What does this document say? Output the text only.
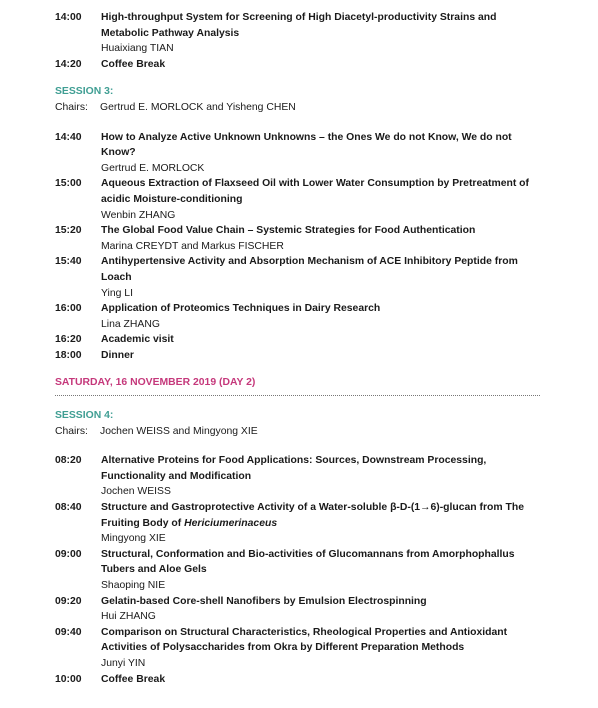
14:00	High-throughput System for Screening of High Diacetyl-productivity Strains and Metabolic Pathway Analysis
Huaixiang TIAN
14:20	Coffee Break
SESSION 3:
Chairs: Gertrud E. MORLOCK and Yisheng CHEN
14:40	How to Analyze Active Unknown Unknowns – the Ones We do not Know, We do not Know?
Gertrud E. MORLOCK
15:00	Aqueous Extraction of Flaxseed Oil with Lower Water Consumption by Pretreatment of acidic Moisture-conditioning
Wenbin ZHANG
15:20	The Global Food Value Chain – Systemic Strategies for Food Authentication
Marina CREYDT and Markus FISCHER
15:40	Antihypertensive Activity and Absorption Mechanism of ACE Inhibitory Peptide from Loach
Ying LI
16:00	Application of Proteomics Techniques in Dairy Research
Lina ZHANG
16:20	Academic visit
18:00	Dinner
SATURDAY, 16 NOVEMBER 2019 (DAY 2)
SESSION 4:
Chairs: Jochen WEISS and Mingyong XIE
08:20	Alternative Proteins for Food Applications: Sources, Downstream Processing, Functionality and Modification
Jochen WEISS
08:40	Structure and Gastroprotective Activity of a Water-soluble β-D-(1→6)-glucan from The Fruiting Body of Hericiumerinaceus
Mingyong XIE
09:00	Structural, Conformation and Bio-activities of Glucomannans from Amorphophallus Tubers and Aloe Gels
Shaoping NIE
09:20	Gelatin-based Core-shell Nanofibers by Emulsion Electrospinning
Hui ZHANG
09:40	Comparison on Structural Characteristics, Rheological Properties and Antioxidant Activities of Polysaccharides from Okra by Different Preparation Methods
Junyi YIN
10:00	Coffee Break
